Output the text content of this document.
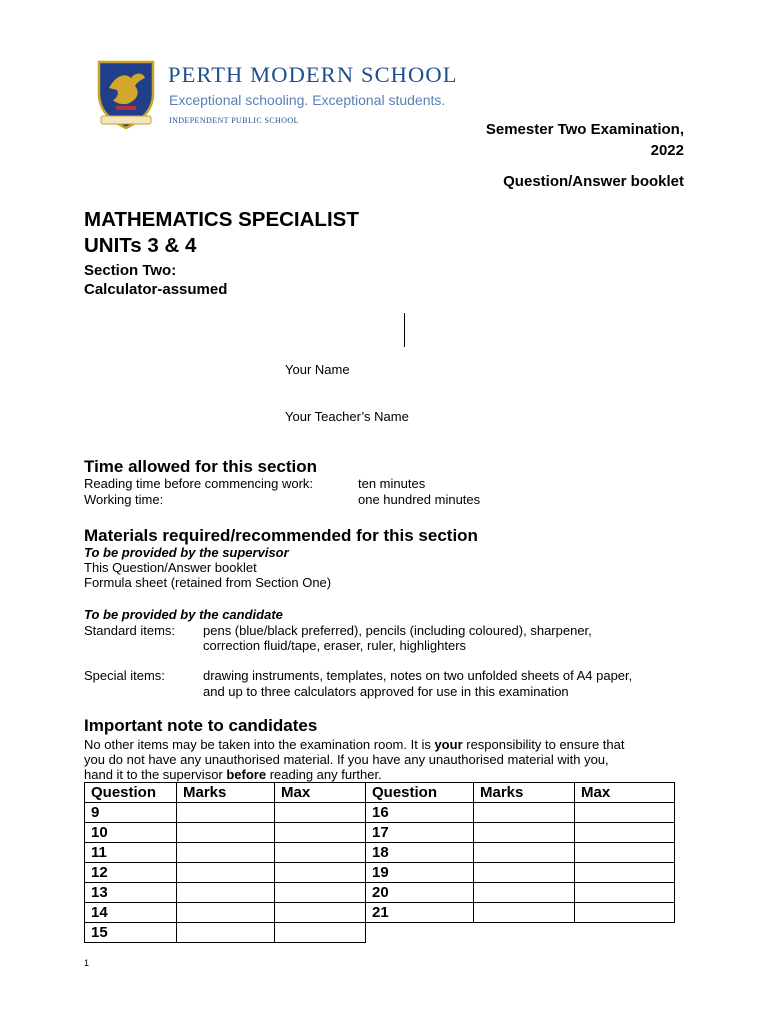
PERTH MODERN SCHOOL
Exceptional schooling. Exceptional students.
INDEPENDENT PUBLIC SCHOOL
Semester Two Examination,
2022
Question/Answer booklet
MATHEMATICS SPECIALIST
UNITs 3 & 4
Section Two:
Calculator-assumed
Your Name
Your Teacher’s Name
Time allowed for this section
Reading time before commencing work:	ten minutes
Working time:	one hundred minutes
Materials required/recommended for this section
To be provided by the supervisor
This Question/Answer booklet
Formula sheet (retained from Section One)
To be provided by the candidate
Standard items: pens (blue/black preferred), pencils (including coloured), sharpener,
correction fluid/tape, eraser, ruler, highlighters
Special items:	drawing instruments, templates, notes on two unfolded sheets of A4 paper,
and up to three calculators approved for use in this examination
Important note to candidates
No other items may be taken into the examination room. It is your responsibility to ensure that
you do not have any unauthorised material. If you have any unauthorised material with you,
hand it to the supervisor before reading any further.
Question	Marks	Max	Question	Marks	Max
9			16		
10			17		
11			18		
12			19		
13			20		
14			21		
15					
1
